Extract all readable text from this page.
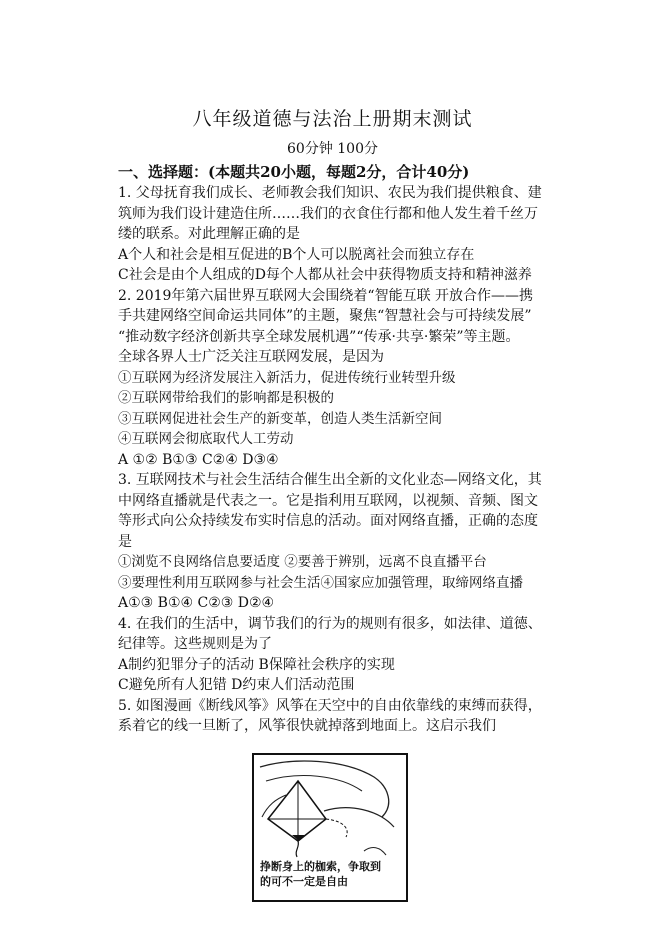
八年级道德与法治上册期末测试
60分钟 100分
一、选择题：(本题共20小题，每题2分，合计40分)

1. 父母抚育我们成长、老师教会我们知识、农民为我们提供粮食、建

筑师为我们设计建造住所……我们的衣食住行都和他人发生着千丝万

缕的联系。对此理解正确的是

A个人和社会是相互促进的B个人可以脱离社会而独立存在

C社会是由个人组成的D每个人都从社会中获得物质支持和精神滋养

2. 2019年第六届世界互联网大会围绕着“智能互联 开放合作——携

手共建网络空间命运共同体”的主题，聚焦“智慧社会与可持续发展”

“推动数字经济创新共享全球发展机遇”“传承·共享·繁荣”等主题。

全球各界人士广泛关注互联网发展，是因为

①互联网为经济发展注入新活力，促进传统行业转型升级

②互联网带给我们的影响都是积极的

③互联网促进社会生产的新变革，创造人类生活新空间

④互联网会彻底取代人工劳动

A ①② B①③ C②④ D③④

3. 互联网技术与社会生活结合催生出全新的文化业态—网络文化，其

中网络直播就是代表之一。它是指利用互联网，以视频、音频、图文

等形式向公众持续发布实时信息的活动。面对网络直播，正确的态度

是

①浏览不良网络信息要适度 ②要善于辨别，远离不良直播平台

③要理性利用互联网参与社会生活④国家应加强管理，取缔网络直播

A①③ B①④ C②③ D②④

4. 在我们的生活中，调节我们的行为的规则有很多，如法律、道德、

纪律等。这些规则是为了

A制约犯罪分子的活动 B保障社会秩序的实现

C避免所有人犯错 D约束人们活动范围

5. 如图漫画《断线风筝》风筝在天空中的自由依靠线的束缚而获得，

系着它的线一旦断了，风筝很快就掉落到地面上。这启示我们

挣断身上的枷索，争取到
的可不一定是自由
